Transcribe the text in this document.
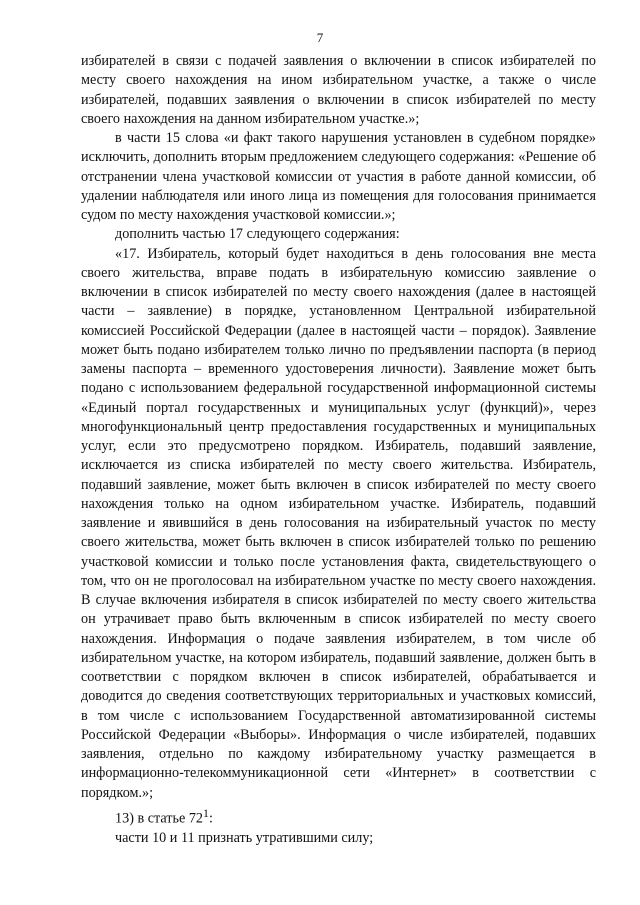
7

избирателей в связи с подачей заявления о включении в список избирателей по месту своего нахождения на ином избирательном участке, а также о числе избирателей, подавших заявления о включении в список избирателей по месту своего нахождения на данном избирательном участке.»;

в части 15 слова «и факт такого нарушения установлен в судебном порядке» исключить, дополнить вторым предложением следующего содержания: «Решение об отстранении члена участковой комиссии от участия в работе данной комиссии, об удалении наблюдателя или иного лица из помещения для голосования принимается судом по месту нахождения участковой комиссии.»;

дополнить частью 17 следующего содержания:

«17. Избиратель, который будет находиться в день голосования вне места своего жительства, вправе подать в избирательную комиссию заявление о включении в список избирателей по месту своего нахождения (далее в настоящей части – заявление) в порядке, установленном Центральной избирательной комиссией Российской Федерации (далее в настоящей части – порядок). Заявление может быть подано избирателем только лично по предъявлении паспорта (в период замены паспорта – временного удостоверения личности). Заявление может быть подано с использованием федеральной государственной информационной системы «Единый портал государственных и муниципальных услуг (функций)», через многофункциональный центр предоставления государственных и муниципальных услуг, если это предусмотрено порядком. Избиратель, подавший заявление, исключается из списка избирателей по месту своего жительства. Избиратель, подавший заявление, может быть включен в список избирателей по месту своего нахождения только на одном избирательном участке. Избиратель, подавший заявление и явившийся в день голосования на избирательный участок по месту своего жительства, может быть включен в список избирателей только по решению участковой комиссии и только после установления факта, свидетельствующего о том, что он не проголосовал на избирательном участке по месту своего нахождения. В случае включения избирателя в список избирателей по месту своего жительства он утрачивает право быть включенным в список избирателей по месту своего нахождения. Информация о подаче заявления избирателем, в том числе об избирательном участке, на котором избиратель, подавший заявление, должен быть в соответствии с порядком включен в список избирателей, обрабатывается и доводится до сведения соответствующих территориальных и участковых комиссий, в том числе с использованием Государственной автоматизированной системы Российской Федерации «Выборы». Информация о числе избирателей, подавших заявления, отдельно по каждому избирательному участку размещается в информационно-телекоммуникационной сети «Интернет» в соответствии с порядком.»;

13) в статье $72^1$:

части 10 и 11 признать утратившими силу;
